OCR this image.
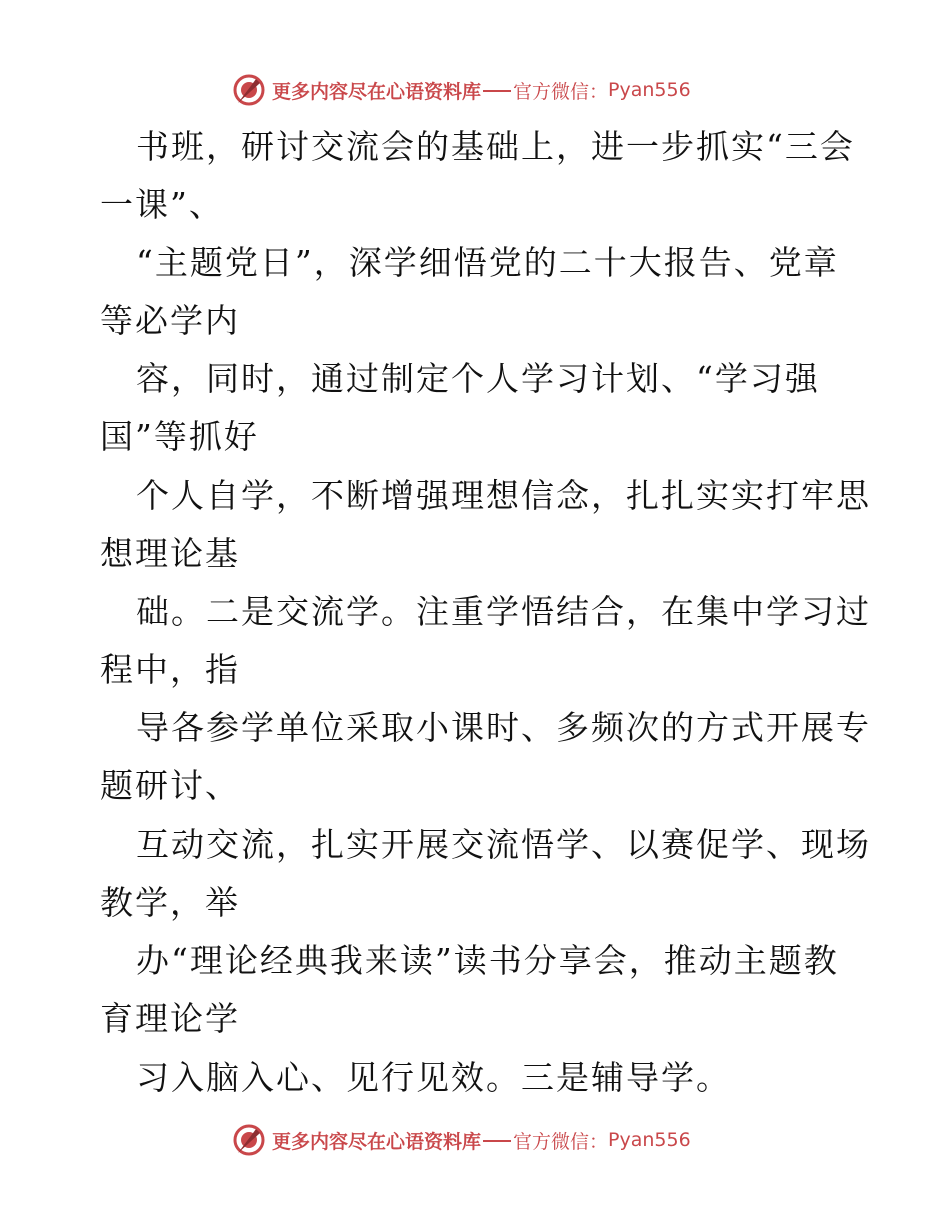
更多内容尽在心语资料库 官方微信： Pyan556
书班，研讨交流会的基础上，进一步抓实“三会
一课”、
“主题党日”，深学细悟党的二十大报告、党章
等必学内
容，同时，通过制定个人学习计划、“学习强
国”等抓好
个人自学，不断增强理想信念，扎扎实实打牢思
想理论基
础。二是交流学。注重学悟结合，在集中学习过
程中，指
导各参学单位采取小课时、多频次的方式开展专
题研讨、
互动交流，扎实开展交流悟学、以赛促学、现场
教学，举
办“理论经典我来读”读书分享会，推动主题教
育理论学
习入脑入心、见行见效。三是辅导学。
更多内容尽在心语资料库 官方微信： Pyan556
